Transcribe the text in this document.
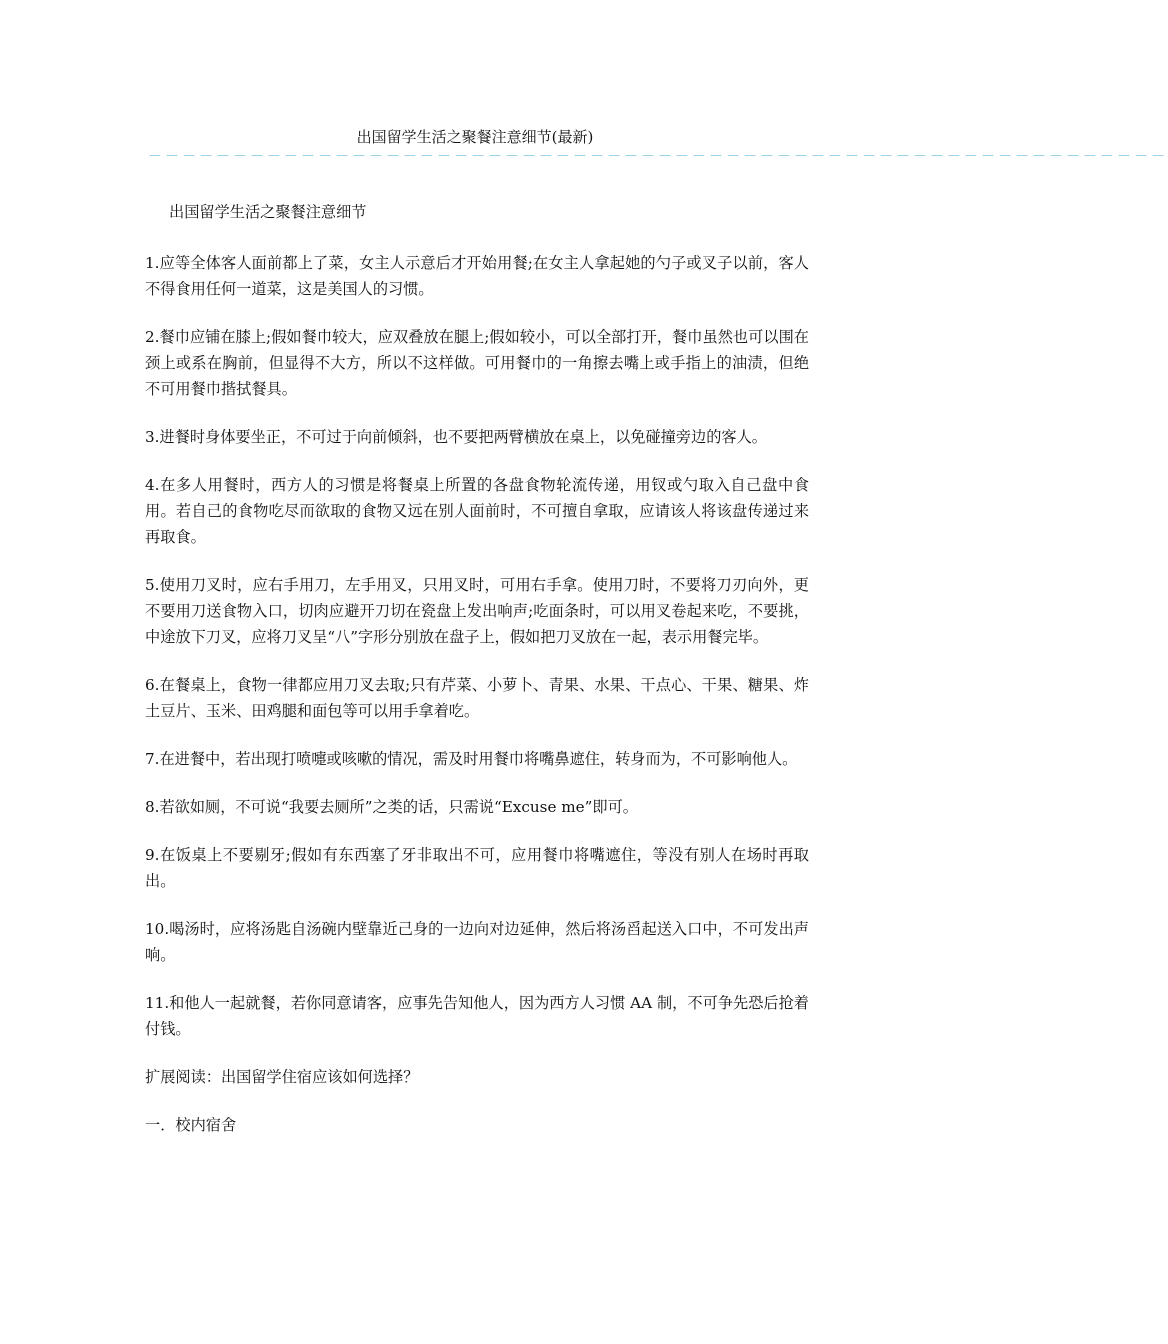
出国留学生活之聚餐注意细节(最新)
－－－－－－－－－－－－－－－－－－－－－－－－－－－－－－－－－－－－－－－－－－－－－－－－－－－－－－－－－－－－

出国留学生活之聚餐注意细节

1.应等全体客人面前都上了菜，女主人示意后才开始用餐;在女主人拿起她的勺子或叉子以前，客人不得食用任何一道菜，这是美国人的习惯。

2.餐巾应铺在膝上;假如餐巾较大，应双叠放在腿上;假如较小，可以全部打开，餐巾虽然也可以围在颈上或系在胸前，但显得不大方，所以不这样做。可用餐巾的一角擦去嘴上或手指上的油渍，但绝不可用餐巾揩拭餐具。

3.进餐时身体要坐正，不可过于向前倾斜，也不要把两臂横放在桌上，以免碰撞旁边的客人。

4.在多人用餐时，西方人的习惯是将餐桌上所置的各盘食物轮流传递，用钗或勺取入自己盘中食用。若自己的食物吃尽而欲取的食物又远在别人面前时，不可擅自拿取，应请该人将该盘传递过来再取食。

5.使用刀叉时，应右手用刀，左手用叉，只用叉时，可用右手拿。使用刀时，不要将刀刃向外，更不要用刀送食物入口，切肉应避开刀切在瓷盘上发出响声;吃面条时，可以用叉卷起来吃，不要挑，中途放下刀叉，应将刀叉呈“八”字形分别放在盘子上，假如把刀叉放在一起，表示用餐完毕。

6.在餐桌上，食物一律都应用刀叉去取;只有芹菜、小萝卜、青果、水果、干点心、干果、糖果、炸土豆片、玉米、田鸡腿和面包等可以用手拿着吃。

7.在进餐中，若出现打喷嚏或咳嗽的情况，需及时用餐巾将嘴鼻遮住，转身而为，不可影响他人。

8.若欲如厕，不可说“我要去厕所”之类的话，只需说“Excuse me”即可。

9.在饭桌上不要剔牙;假如有东西塞了牙非取出不可，应用餐巾将嘴遮住，等没有别人在场时再取出。

10.喝汤时，应将汤匙自汤碗内壁靠近己身的一边向对边延伸，然后将汤舀起送入口中，不可发出声响。

11.和他人一起就餐，若你同意请客，应事先告知他人，因为西方人习惯 AA 制，不可争先恐后抢着付钱。

扩展阅读：出国留学住宿应该如何选择？

一．校内宿舍
